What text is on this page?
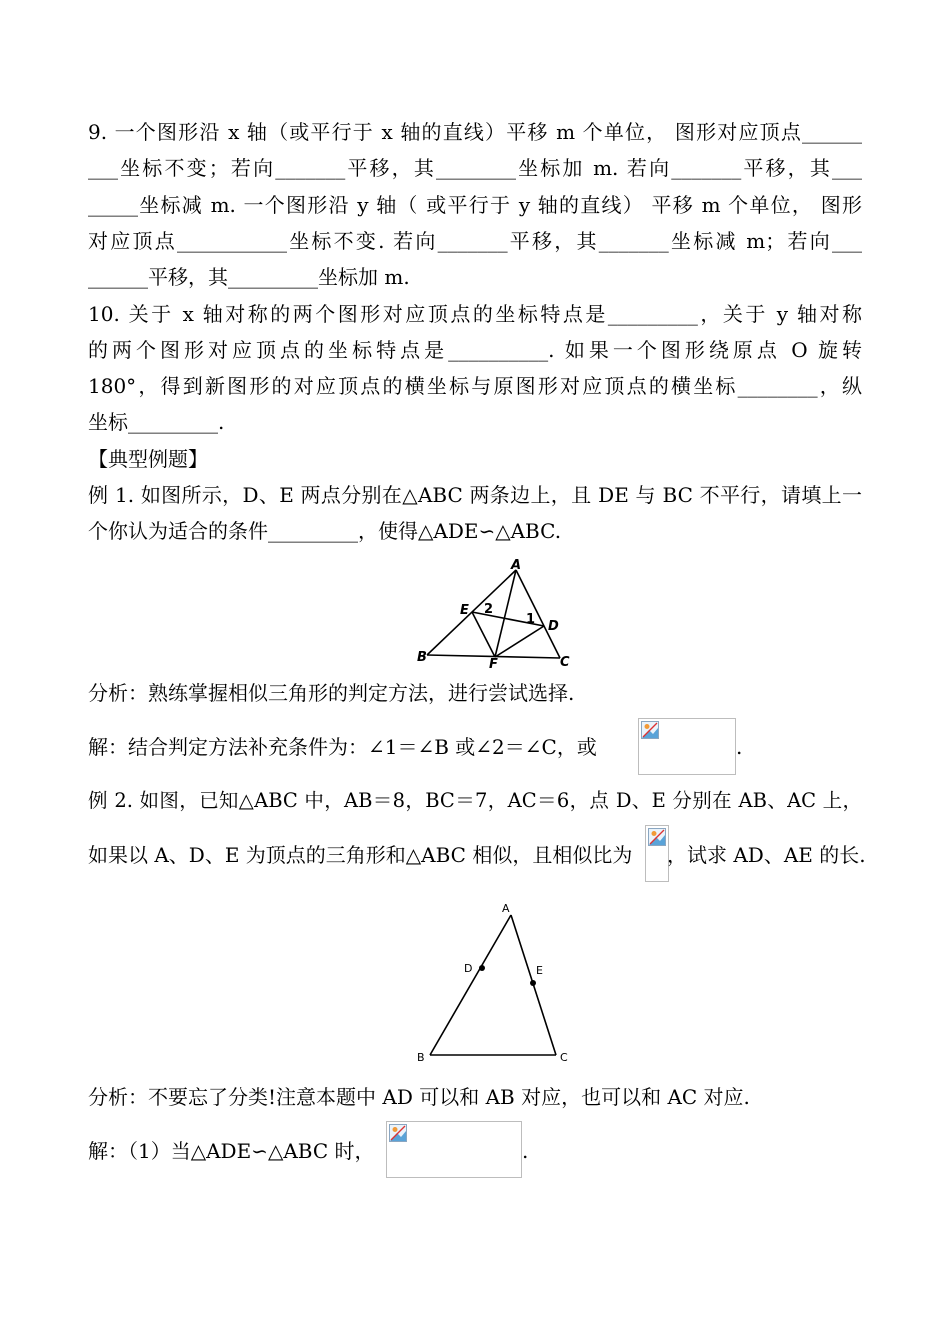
9. 一个图形沿 x 轴（或平行于 x 轴的直线）平移 m 个单位， 图形对应顶点______
___坐标不变；若向_______平移，其________坐标加 m. 若向_______平移，其___
_____坐标减 m. 一个图形沿 y 轴（ 或平行于 y 轴的直线） 平移 m 个单位， 图形
对应顶点___________坐标不变. 若向_______平移，其_______坐标减 m；若向___
______平移，其_________坐标加 m.
10. 关于 x 轴对称的两个图形对应顶点的坐标特点是_________，关于 y 轴对称
的两个图形对应顶点的坐标特点是__________. 如果一个图形绕原点 O 旋转
180°，得到新图形的对应顶点的横坐标与原图形对应顶点的横坐标________，纵
坐标_________.
【典型例题】
例 1. 如图所示，D、E 两点分别在△ABC 两条边上，且 DE 与 BC 不平行，请填上一
个你认为适合的条件_________，使得△ADE∽△ABC.
A
B	C
D
E
F
1
2
分析：熟练掌握相似三角形的判定方法，进行尝试选择.
解：结合判定方法补充条件为：∠1＝∠B 或∠2＝∠C，或	.
例 2. 如图，已知△ABC 中，AB＝8，BC＝7，AC＝6，点 D、E 分别在 AB、AC 上，
如果以 A、D、E 为顶点的三角形和△ABC 相似，且相似比为 ，试求 AD、AE 的长.
A
B	C
D	E
分析：不要忘了分类!注意本题中 AD 可以和 AB 对应，也可以和 AC 对应.
解：（1）当△ADE∽△ABC 时，	.
